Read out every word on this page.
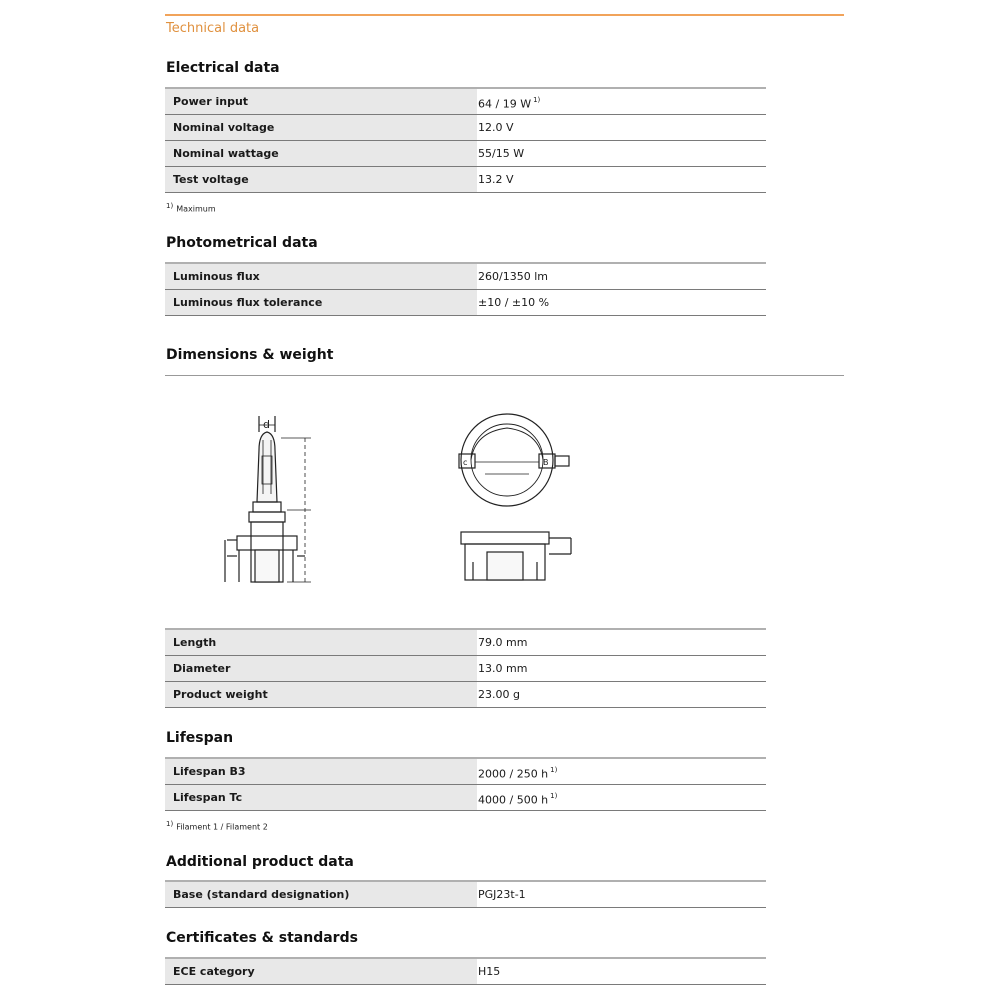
Technical data
Electrical data
Power input	64 / 19 W $^{1)}$
Nominal voltage	12.0 V
Nominal wattage	55/15 W
Test voltage	13.2 V
$^{1)}$ Maximum
Photometrical data
Luminous flux	260/1350 lm
Luminous flux tolerance	±10 / ±10 %
Dimensions & weight
d
c	B
Length	79.0 mm
Diameter	13.0 mm
Product weight	23.00 g
Lifespan
Lifespan B3	2000 / 250 h $^{1)}$
Lifespan Tc	4000 / 500 h $^{1)}$
$^{1)}$ Filament 1 / Filament 2
Additional product data
Base (standard designation)	PGJ23t-1
Certificates & standards
ECE category	H15
